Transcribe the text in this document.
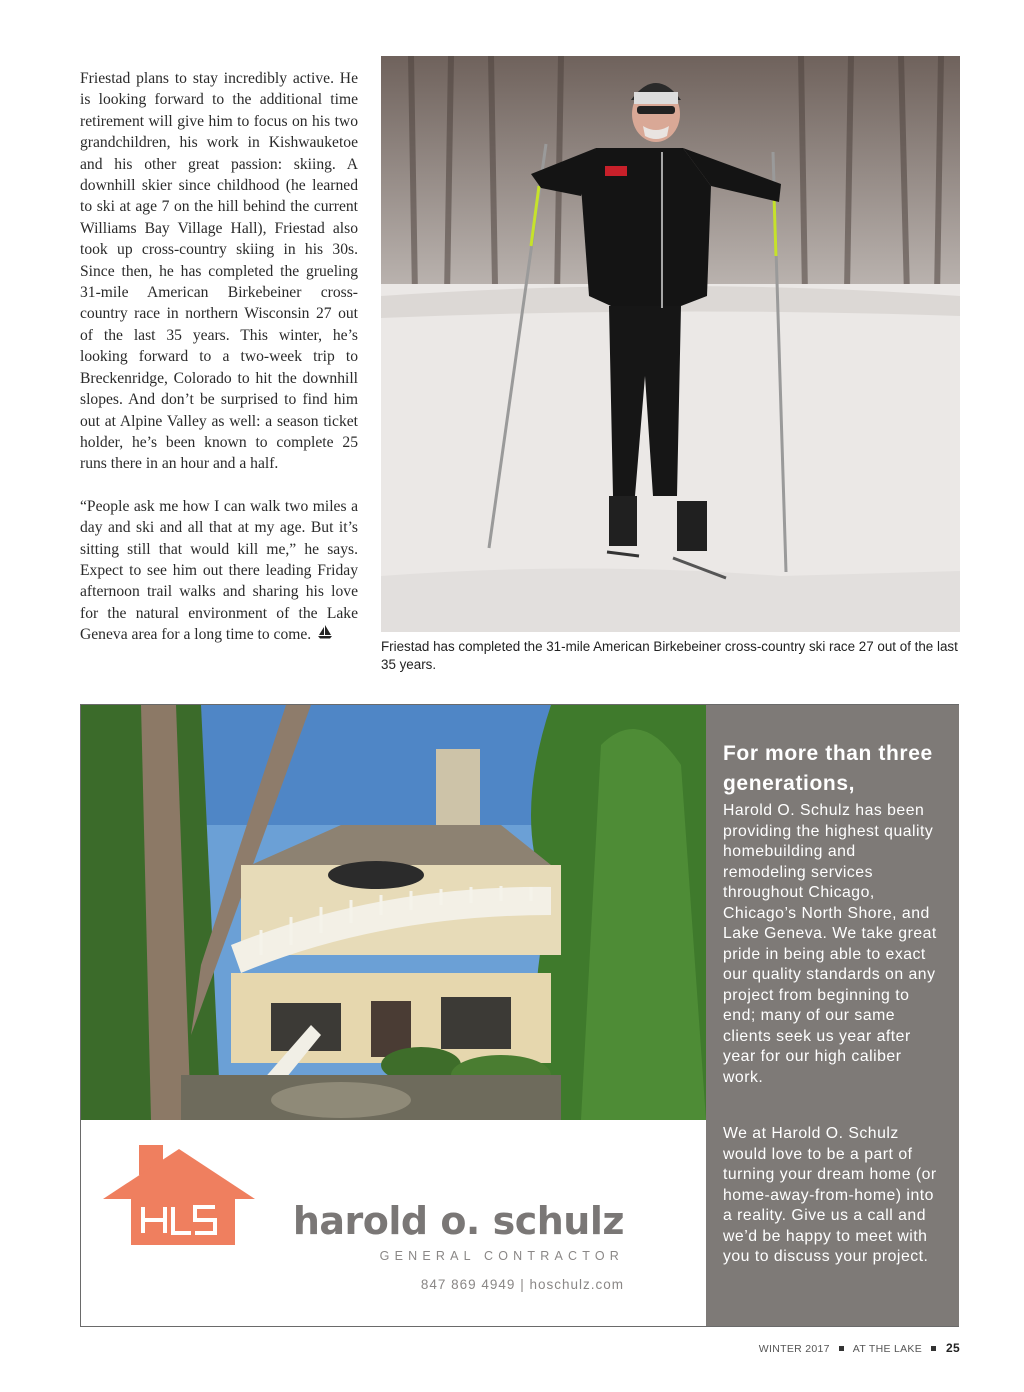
Friestad plans to stay incredibly active. He is looking forward to the additional time retirement will give him to focus on his two grandchildren, his work in Kishwauketoe and his other great passion: skiing. A downhill skier since childhood (he learned to ski at age 7 on the hill behind the current Williams Bay Village Hall), Friestad also took up cross-country skiing in his 30s. Since then, he has completed the grueling 31-mile American Birkebeiner cross-country race in northern Wisconsin 27 out of the last 35 years. This winter, he’s looking forward to a two-week trip to Breckenridge, Colorado to hit the downhill slopes. And don’t be surprised to find him out at Alpine Valley as well: a season ticket holder, he’s been known to complete 25 runs there in an hour and a half.

“People ask me how I can walk two miles a day and ski and all that at my age. But it’s sitting still that would kill me,” he says. Expect to see him out there leading Friday afternoon trail walks and sharing his love for the natural environment of the Lake Geneva area for a long time to come.

Friestad has completed the 31-mile American Birkebeiner cross-country ski race 27 out of the last 35 years.
harold o. schulz
GENERAL CONTRACTOR
847 869 4949 | hoschulz.com

For more than three generations,

Harold O. Schulz has been providing the highest quality homebuilding and remodeling services throughout Chicago, Chicago’s North Shore, and Lake Geneva. We take great pride in being able to exact our quality standards on any project from beginning to end; many of our same clients seek us year after year for our high caliber work.

We at Harold O. Schulz would love to be a part of turning your dream home (or home-away-from-home) into a reality. Give us a call and we’d be happy to meet with you to discuss your project.

WINTER 2017 AT THE LAKE 25
